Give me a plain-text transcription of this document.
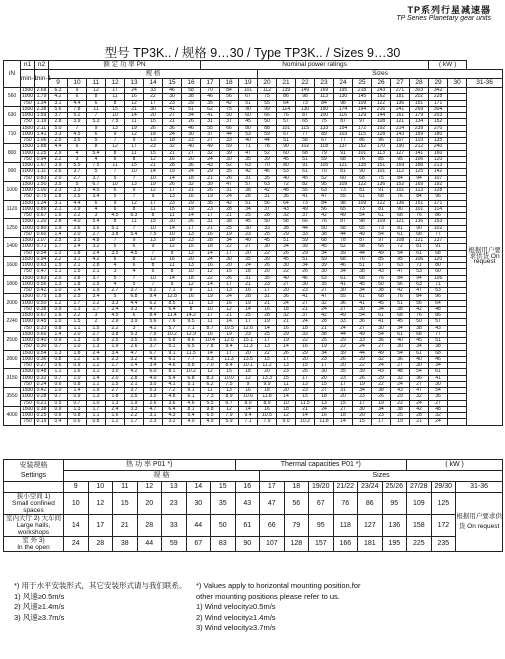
TP系列行星减速器
TP Series Planetary gear units
型号 TP3K.. / 规格 9…30 / Type TP3K.. / Sizes 9…30
iN	n1	n2	额 定 功 率 PN								Nominal power ratings												( kW )		
	min-1	min-1	规 格											Sizes											
			9	10	11	12	13	14	15	16	17	18	19	20	21	22	23	24	25	26	27	28	29	30	31-36
560	1500	2.68	6.3	9	12	17	24	33	46	58	70	84	101	112	139	149	169	195	218	243	271	303	342		根据用户要求供货 On request
	1000	1.79	4.2	6	8	11	16	22	30	38	46	56	67	75	86	98	113	130	145	162	181	202	228		
	750	1.34	3.1	4.4	6	8	12	17	23	29	35	42	51	55	64	73	84	98	109	122	136	151	171		
630	1500	2.38	5.6	7.8	11	15	21	30	41	51	62	75	90	99	114	130	150	174	194	216	241	269	304		
	1000	1.59	3.7	5.2	7	10	14	20	27	34	41	50	60	66	76	87	100	116	129	144	161	179	203		
	750	1.19	2.8	3.9	5.3	7.5	11	15	21	26	31	37	45	50	57	65	75	87	97	108	121	134	152		
710	1500	2.11	5.0	7	9	13	19	26	36	46	55	66	80	88	101	115	133	154	172	192	214	239	270		
	1000	1.41	3.3	4.5	6	9	12	18	24	30	37	44	53	59	67	77	89	103	115	128	143	159	180		
	750	1.06	2.5	3.5	5	7	9	13	18	23	27	33	40	44	51	58	67	77	86	96	107	119	135		
800	1500	1.88	4.4	6	8	12	17	23	32	40	49	59	71	78	90	102	118	137	152	170	190	212	240		
	1000	1.25	2.9	4	5.4	8	11	15	21	27	32	39	47	52	60	68	79	91	101	113	127	141	160		
	750	0.94	2.2	3	4	6	8	12	16	20	24	30	35	39	45	51	59	68	76	85	95	106	120		
900	1500	1.67	3.9	5.5	7.5	11	15	21	28	36	43	52	63	70	80	91	105	121	135	151	169	188	213		
	1000	1.11	2.6	3.7	5	7	10	14	19	24	29	35	42	46	53	61	70	81	90	101	112	125	142		
	750	0.83	2.0	2.7	3.7	5	7	10	14	18	21	26	31	35	40	45	52	60	68	75	84	94	107		
1000	1500	1.50	3.5	5	6.7	10	13	19	26	32	39	47	57	63	72	82	95	109	122	136	152	169	192		
	1000	1.00	2.3	3.3	4.5	6	9	12	17	21	26	31	38	42	48	55	63	73	81	91	101	113	128		
	750	0.75	1.8	2.5	3.4	5	7	9	13	16	19	24	28	31	36	41	47	55	61	68	76	84	96		
1120	1500	1.34	3.1	4.4	6	9	12	17	23	29	35	42	51	56	64	73	84	98	109	122	136	151	171		
	1000	0.89	2.1	2.9	4	6	8	11	15	19	23	28	34	37	43	49	56	65	73	81	90	101	114		
	750	0.67	1.6	2.2	3	4.5	6.3	8	11	14	17	21	25	28	32	37	42	49	54	61	68	76	86		
1250	1500	1.20	2.8	4.0	5.4	8	11	15	20	26	31	38	45	50	58	66	76	87	98	109	121	136	153		
	1000	0.80	1.9	2.6	3.6	5.1	7	10	14	17	21	25	30	33	38	44	50	58	65	73	81	90	102		
	750	0.60	1.4	2.0	2.7	3.8	5.4	7.5	10	13	16	19	23	25	29	33	38	44	49	54	61	68	77		
1400	1500	1.07	2.5	3.5	4.8	7	9	13	18	23	28	34	40	45	51	59	68	78	87	97	108	121	137		
	1000	0.71	1.7	2.4	3.2	5	6	9	12	15	18	22	27	30	34	39	45	52	58	65	72	81	91		
	750	0.54	1.3	1.8	2.4	3.5	4.5	7	9	12	14	17	20	22	26	29	34	39	44	49	54	61	68		
1600	1500	0.94	2.2	3.1	4.2	6	8	12	16	20	24	30	35	39	45	51	59	68	76	85	95	106	120		
	1000	0.63	1.5	2.1	2.8	4	6	8	11	13	16	20	24	26	30	34	39	46	51	57	63	71	80		
	750	0.47	1.1	1.5	2.1	3	4	6	8	10	12	15	18	20	22	26	30	34	38	43	47	53	60		
1800	1500	0.83	2.0	2.8	3.7	5	7	10	14	18	22	26	31	35	40	46	53	61	68	76	84	94	106		
	1000	0.56	1.3	1.8	2.5	4	5	7	9	12	14	17	21	23	27	30	35	41	45	50	56	63	71		
	750	0.42	1.0	1.4	1.9	2.7	3.7	5.2	7.1	9	11	13	16	17	20	23	27	30	34	38	42	47	53		
2000	1500	0.75	1.8	2.5	3.4	5	6.8	9.4	12.8	16	19	24	28	31	36	41	47	55	61	68	76	84	96		
	1000	0.50	1.2	1.7	2.2	3.3	4.4	6.2	8.5	11	13	16	19	21	24	27	32	36	41	45	51	56	64		
	750	0.38	0.9	1.3	1.7	2.4	3.3	4.7	6.4	8	10	12	14	16	18	21	24	27	30	34	38	42	48		
2240	1500	0.67	1.6	2.2	3	4.5	6	8.4	11.4	14.2	17	21	25	28	32	37	42	49	54	61	68	76	86		
	1000	0.45	1.0	1.5	2	2.9	3.9	5.6	7.6	9.5	11	14	17	19	21	24	28	33	36	41	45	50	57		
	750	0.33	0.8	1.1	1.5	2.2	3	4.1	5.7	7.1	8.7	10.5	12.6	14	16	18	21	24	27	30	34	38	43		
2500	1500	0.60	1.4	2.0	2.7	3.8	5.3	7.5	10.2	12.9	16	19	23	25	29	33	38	44	49	54	61	68	77		
	1000	0.40	0.9	1.3	1.8	2.5	3.5	5.0	6.8	8.6	10.4	12.6	15.1	17	19	22	25	29	33	36	40	45	51		
	750	0.30	0.7	1.0	1.3	1.9	2.6	3.7	5.1	6.5	7.8	9.4	11.3	13	14	16	19	22	24	27	30	34	38		
2800	1500	0.54	1.3	1.8	2.4	3.4	4.7	6.7	9.1	11.5	14	17	20	22	26	29	34	39	44	49	54	61	68		
	1000	0.36	0.8	1.2	1.6	2.3	3.2	4.5	6.1	7.7	9.3	11.3	13.5	15	17	20	23	26	29	32	36	40	46		
	750	0.27	0.6	0.9	1.2	1.7	2.4	3.4	4.6	5.8	7.0	8.4	10.1	11.2	13	15	17	20	22	24	27	30	34		
3150	1500	0.48	1.1	1.6	2.1	3.0	4.2	6.0	8.1	10.2	12	15	18	20	23	26	30	35	39	43	48	54	61		
	1000	0.32	0.7	1.0	1.4	2.0	2.8	4.0	5.4	6.8	8.3	10.0	12	13.3	15	17	20	23	26	29	32	36	41		
	750	0.24	0.6	0.8	1.1	1.5	2.1	3.0	4.1	5.1	6.2	7.5	9	9.9	11	13	15	17	19	22	24	27	30		
3550	1500	0.42	1.0	1.4	1.9	2.7	3.7	5.3	7.2	9.1	11	13	16	18	20	23	27	31	34	38	43	47	54		
	1000	0.28	0.7	0.9	1.3	1.8	2.5	3.5	4.8	6.1	7.3	8.9	10.6	11.8	14	15	18	20	23	26	29	32	36		
	750	0.21	0.5	0.7	1.0	1.3	1.9	2.6	3.6	4.6	5.5	6.7	8.0	8.9	10	11.5	13	15	17	19	22	24	27		
4000	1500	0.38	0.9	1.3	1.7	2.4	3.3	4.7	6.4	8.1	9.8	12	14	16	18	21	24	27	30	34	38	42	48		
	1000	0.25	0.6	0.8	1.1	1.6	2.2	3.1	4.3	5.4	6.5	7.9	9.4	10.5	12	14	16	18	20	23	25	28	32		
	750	0.19	0.4	0.6	0.8	1.2	1.7	2.3	3.2	4.0	4.9	5.9	7.1	7.9	9.0	10.2	11.8	14	15	17	19	21	24		
安装规格
Settings	热 功 率 P01 *)							Thermal capacities P01 *)							( kW )		
	规 格								Sizes								
	9	10	11	12	13	14	15	16	17	18	19/20	21/22	23/24	25/26	27/28	29/30	31-36

狭小空间 1)
Small confined spaces	10	12	15	20	23	30	35	43	47	56	67	76	86	95	109	125	根据用户要求供货 On request

室内大厅 2) 大车间
Large halls, workshops	14	17	21	28	33	44	50	61	66	79	95	118	127	136	158	172	

室 外 3)
In the open	24	28	38	44	59	67	83	90	107	128	157	166	181	195	225	235	
*) 用于水平安装形式，其它安装形式请与我们联系。
1) 风速≥0.5m/s
2) 风速≥1.4m/s
3) 风速≥3.7m/s
*) Values apply to horizontal mounting position,for
other mounting positions please refer to us.
1) Wind velocity≥0.5m/s
2) Wind velocity≥1.4m/s
3) Wind velocity≥3.7m/s
